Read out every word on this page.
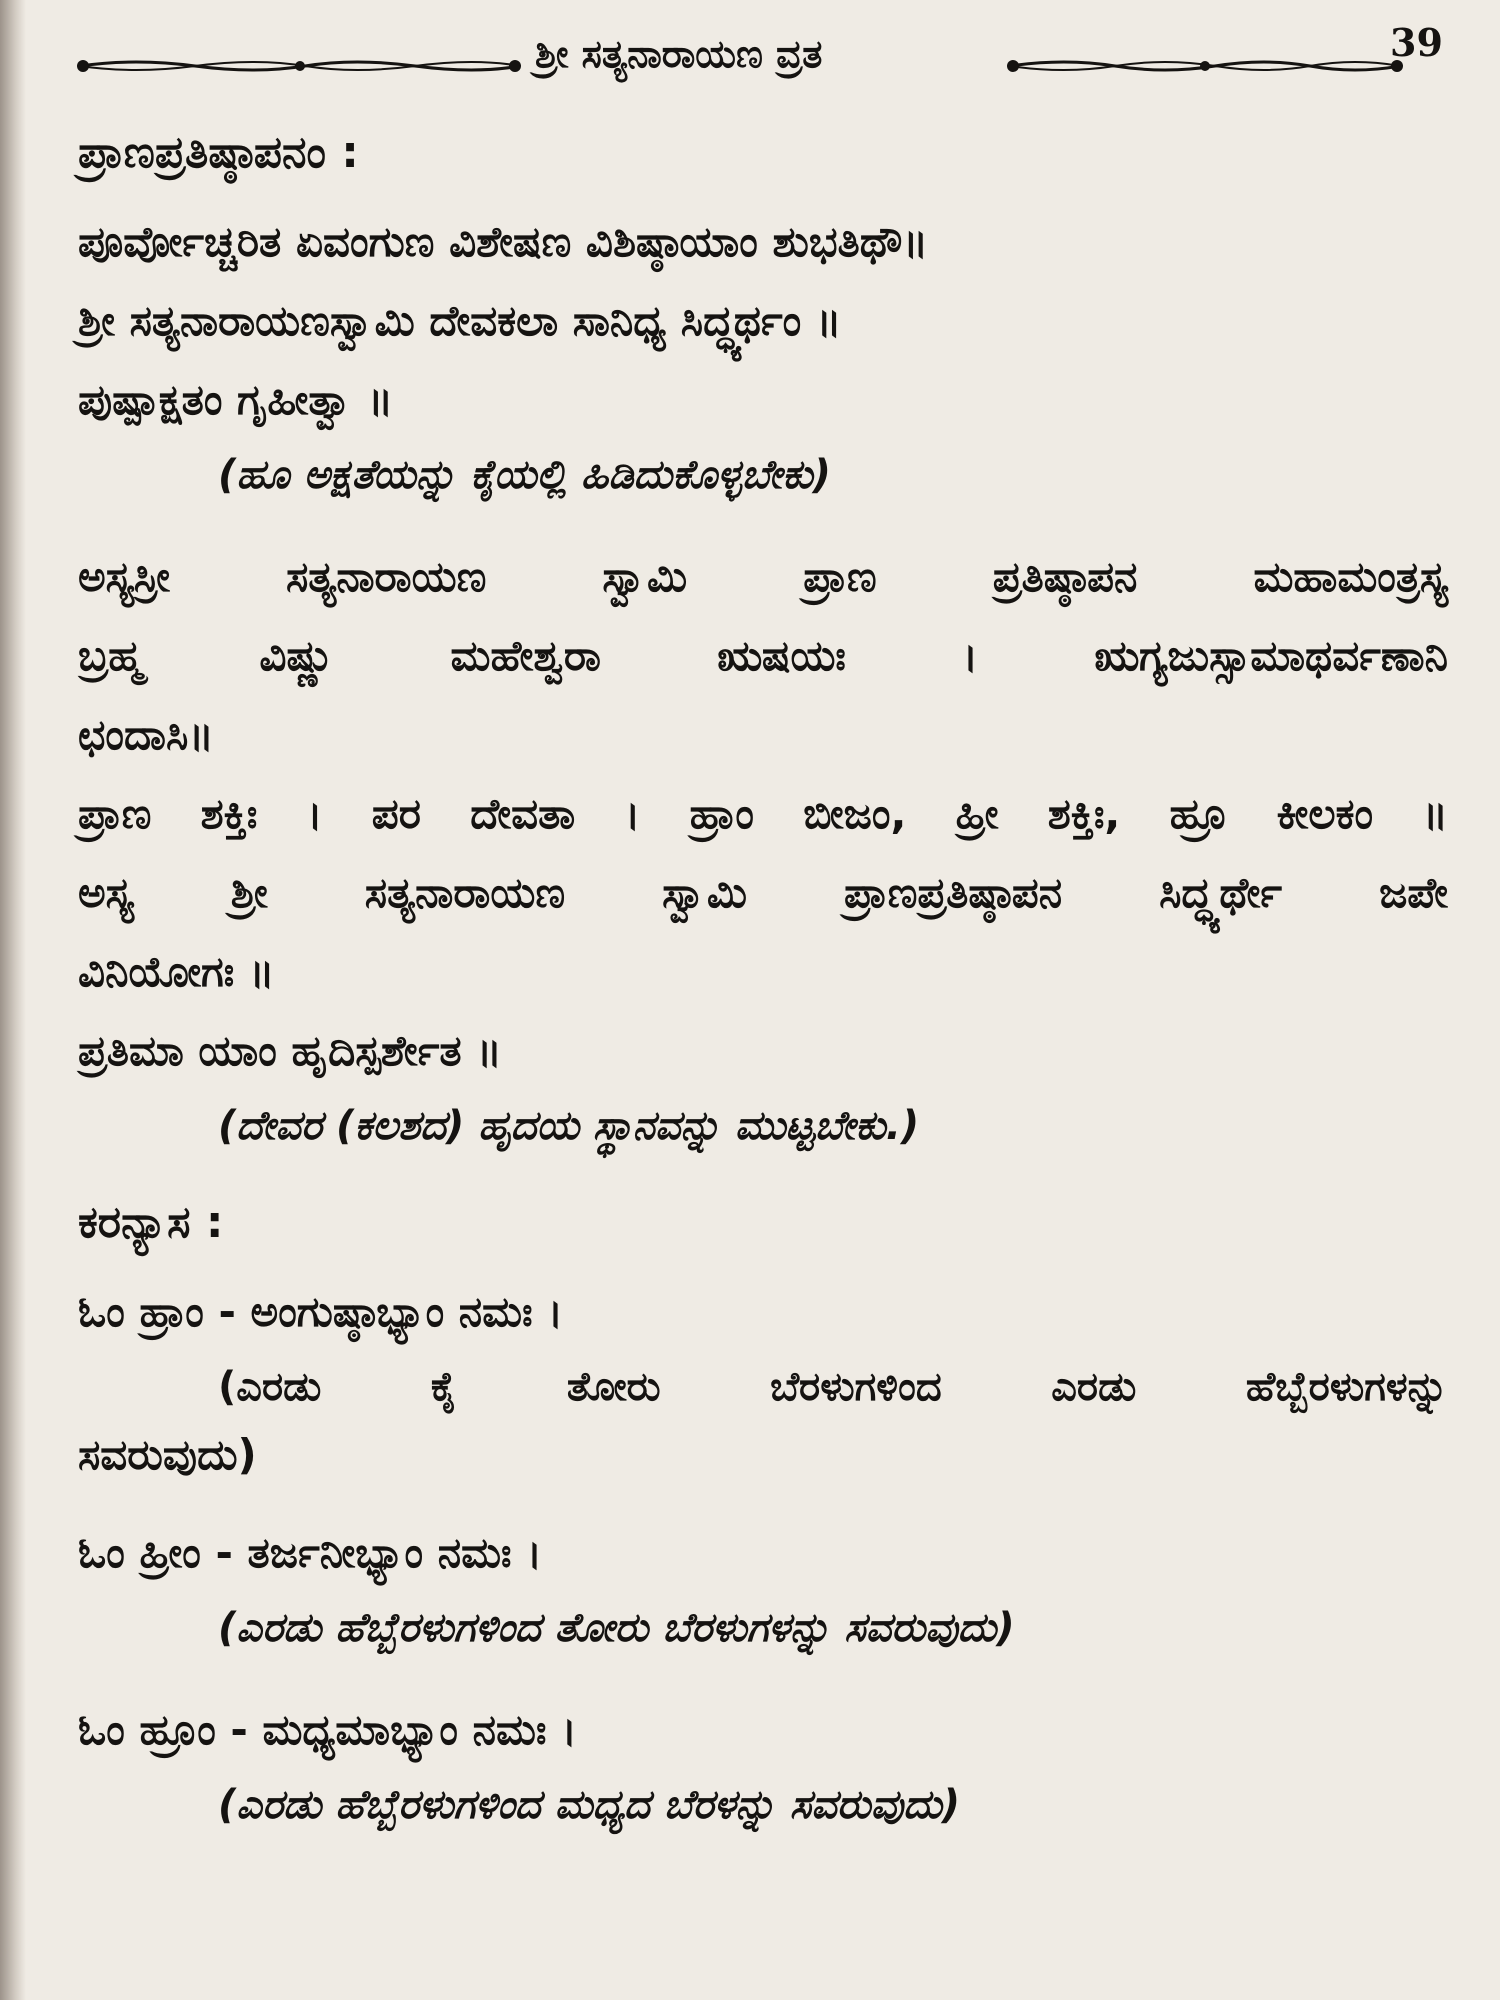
ಶ್ರೀ ಸತ್ಯನಾರಾಯಣ ವ್ರತ	39

ಪ್ರಾಣಪ್ರತಿಷ್ಠಾಪನಂ :

ಪೂರ್ವೋಚ್ಚರಿತ ಏವಂಗುಣ ವಿಶೇಷಣ ವಿಶಿಷ್ಠಾಯಾಂ ಶುಭತಿಥೌ॥

ಶ್ರೀ ಸತ್ಯನಾರಾಯಣಸ್ವಾಮಿ ದೇವಕಲಾ ಸಾನಿಧ್ಯ ಸಿದ್ಧ್ಯರ್ಥಂ ॥

ಪುಷ್ಪಾಕ್ಷತಂ ಗೃಹೀತ್ವಾ ॥

(ಹೂ ಅಕ್ಷತೆಯನ್ನು ಕೈಯಲ್ಲಿ ಹಿಡಿದುಕೊಳ್ಳಬೇಕು)

ಅಸ್ಯಸ್ರೀ ಸತ್ಯನಾರಾಯಣ ಸ್ವಾಮಿ ಪ್ರಾಣ ಪ್ರತಿಷ್ಠಾಪನ ಮಹಾಮಂತ್ರಸ್ಯ

ಬ್ರಹ್ಮ ವಿಷ್ಣು ಮಹೇಶ್ವರಾ ಋಷಯಃ । ಋಗ್ಯಜುಸ್ಸಾಮಾಥರ್ವಣಾನಿ

ಛಂದಾಸಿ॥

ಪ್ರಾಣ ಶಕ್ತಿಃ । ಪರ ದೇವತಾ । ಹ್ರಾಂ ಬೀಜಂ, ಹ್ರೀ ಶಕ್ತಿಃ, ಹ್ರೂ ಕೀಲಕಂ ॥

ಅಸ್ಯ ಶ್ರೀ ಸತ್ಯನಾರಾಯಣ ಸ್ವಾಮಿ ಪ್ರಾಣಪ್ರತಿಷ್ಠಾಪನ ಸಿದ್ಧ್ಯರ್ಥೇ ಜಪೇ

ವಿನಿಯೋಗಃ ॥

ಪ್ರತಿಮಾ ಯಾಂ ಹೃದಿಸ್ಪರ್ಶೇತ ॥

(ದೇವರ (ಕಲಶದ) ಹೃದಯ ಸ್ಥಾನವನ್ನು ಮುಟ್ಟಬೇಕು.)

ಕರನ್ಯಾಸ :

ಓಂ ಹ್ರಾಂ - ಅಂಗುಷ್ಠಾಭ್ಯಾಂ ನಮಃ ।

(ಎರಡು ಕೈ ತೋರು ಬೆರಳುಗಳಿಂದ ಎರಡು ಹೆಬ್ಬೆರಳುಗಳನ್ನು

ಸವರುವುದು)

ಓಂ ಹ್ರೀಂ - ತರ್ಜನೀಭ್ಯಾಂ ನಮಃ ।

(ಎರಡು ಹೆಬ್ಬೆರಳುಗಳಿಂದ ತೋರು ಬೆರಳುಗಳನ್ನು ಸವರುವುದು)

ಓಂ ಹ್ರೂಂ - ಮಧ್ಯಮಾಭ್ಯಾಂ ನಮಃ ।

(ಎರಡು ಹೆಬ್ಬೆರಳುಗಳಿಂದ ಮಧ್ಯದ ಬೆರಳನ್ನು ಸವರುವುದು)
